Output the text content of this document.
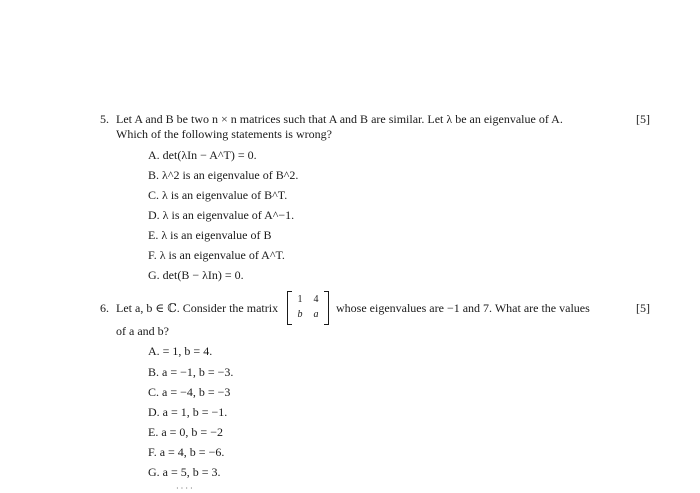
5. Let A and B be two n × n matrices such that A and B are similar. Let λ be an eigenvalue of A.
Which of the following statements is wrong?
[5]
A. det(λIn − A^T) = 0.
B. λ^2 is an eigenvalue of B^2.
C. λ is an eigenvalue of B^T.
D. λ is an eigenvalue of A^−1.
E. λ is an eigenvalue of B
F. λ is an eigenvalue of A^T.
G. det(B − λIn) = 0.
6. Let a, b ∈ ℂ. Consider the matrix
1	4
b	a whose eigenvalues are −1 and 7. What are the values
of a and b?
[5]
A. = 1, b = 4.
B. a = −1, b = −3.
C. a = −4, b = −3
D. a = 1, b = −1.
E. a = 0, b = −2
F. a = 4, b = −6.
G. a = 5, b = 3.
· · · ·
